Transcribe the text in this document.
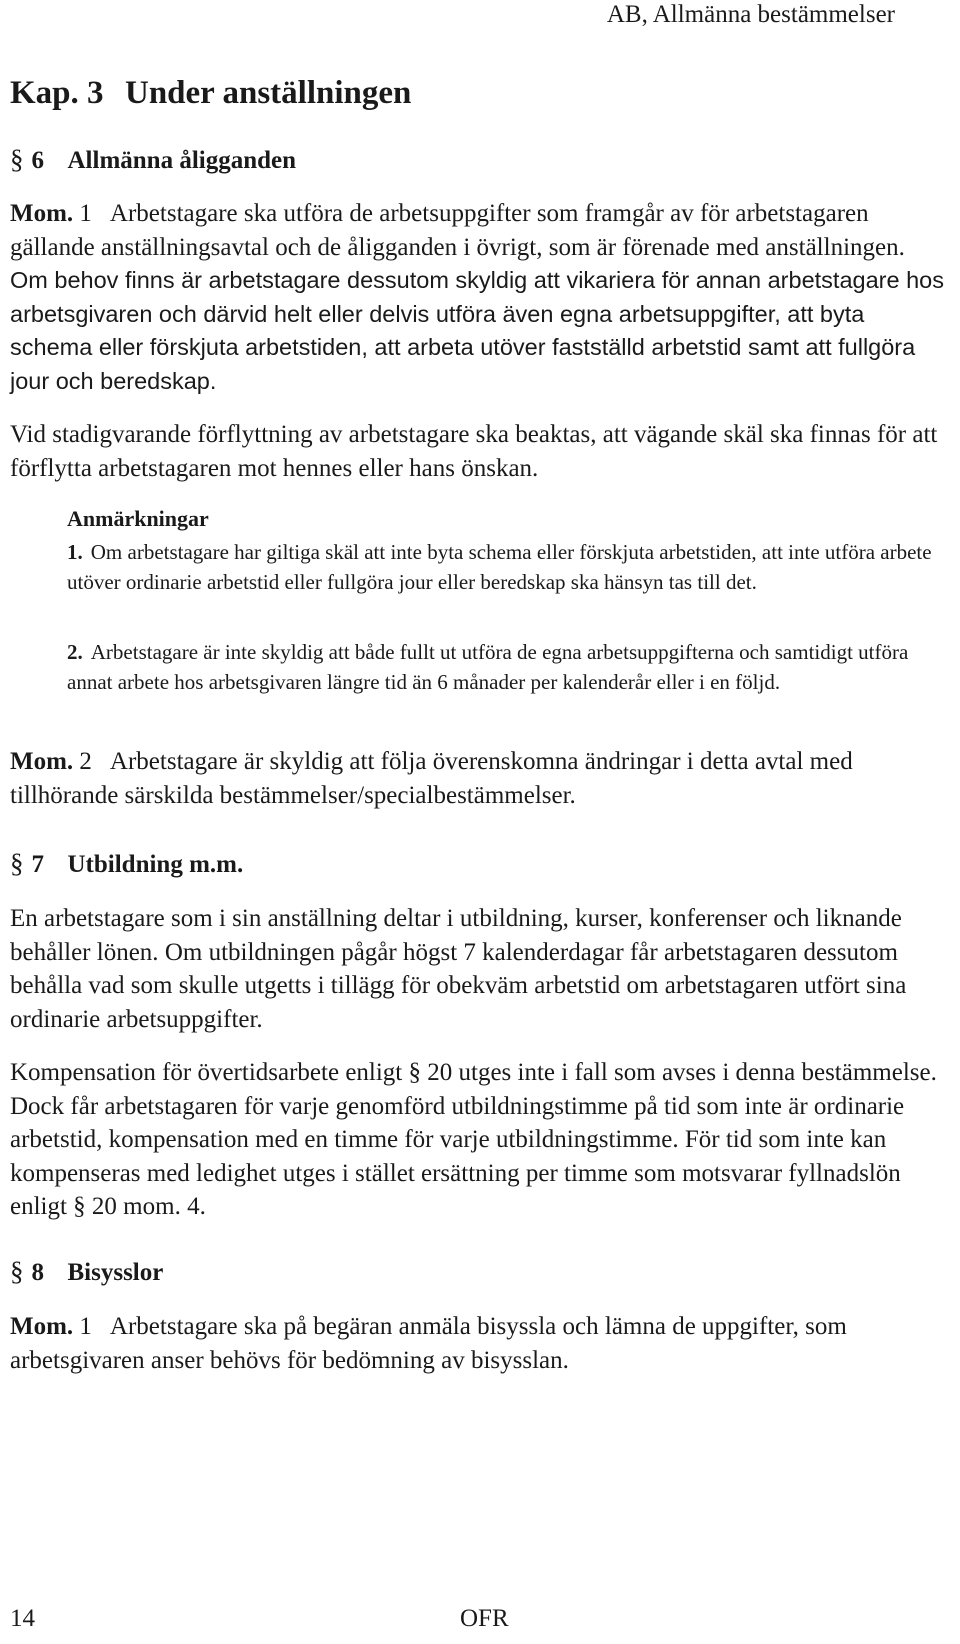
AB, Allmänna bestämmelser
Kap. 3 Under anställningen
§ 6 Allmänna åligganden

Mom. 1 Arbetstagare ska utföra de arbetsuppgifter som framgår av för arbetstagaren gällande anställningsavtal och de åligganden i övrigt, som är förenade med anställningen. Om behov finns är arbetstagare dessutom skyldig att vikariera för annan arbetstagare hos arbetsgivaren och därvid helt eller delvis utföra även egna arbetsuppgifter, att byta schema eller förskjuta arbetstiden, att arbeta utöver fastställd arbetstid samt att fullgöra jour och beredskap.

Vid stadigvarande förflyttning av arbetstagare ska beaktas, att vägande skäl ska finnas för att förflytta arbetstagaren mot hennes eller hans önskan.

Anmärkningar

1. Om arbetstagare har giltiga skäl att inte byta schema eller förskjuta arbetstiden, att inte utföra arbete utöver ordinarie arbetstid eller fullgöra jour eller beredskap ska hänsyn tas till det.

2. Arbetstagare är inte skyldig att både fullt ut utföra de egna arbetsuppgifterna och samtidigt utföra annat arbete hos arbetsgivaren längre tid än 6 månader per kalenderår eller i en följd.

Mom. 2 Arbetstagare är skyldig att följa överenskomna ändringar i detta avtal med tillhörande särskilda bestämmelser/specialbestämmelser.

§ 7 Utbildning m.m.

En arbetstagare som i sin anställning deltar i utbildning, kurser, konferenser och liknande behåller lönen. Om utbildningen pågår högst 7 kalenderdagar får arbetstagaren dessutom behålla vad som skulle utgetts i tillägg för obekväm arbetstid om arbetstagaren utfört sina ordinarie arbetsuppgifter.

Kompensation för övertidsarbete enligt § 20 utges inte i fall som avses i denna bestämmelse. Dock får arbetstagaren för varje genomförd utbildningstimme på tid som inte är ordinarie arbetstid, kompensation med en timme för varje utbildningstimme. För tid som inte kan kompenseras med ledighet utges i stället ersättning per timme som motsvarar fyllnadslön enligt § 20 mom. 4.

§ 8 Bisysslor

Mom. 1 Arbetstagare ska på begäran anmäla bisyssla och lämna de uppgifter, som arbetsgivaren anser behövs för bedömning av bisysslan.

14	OFR
